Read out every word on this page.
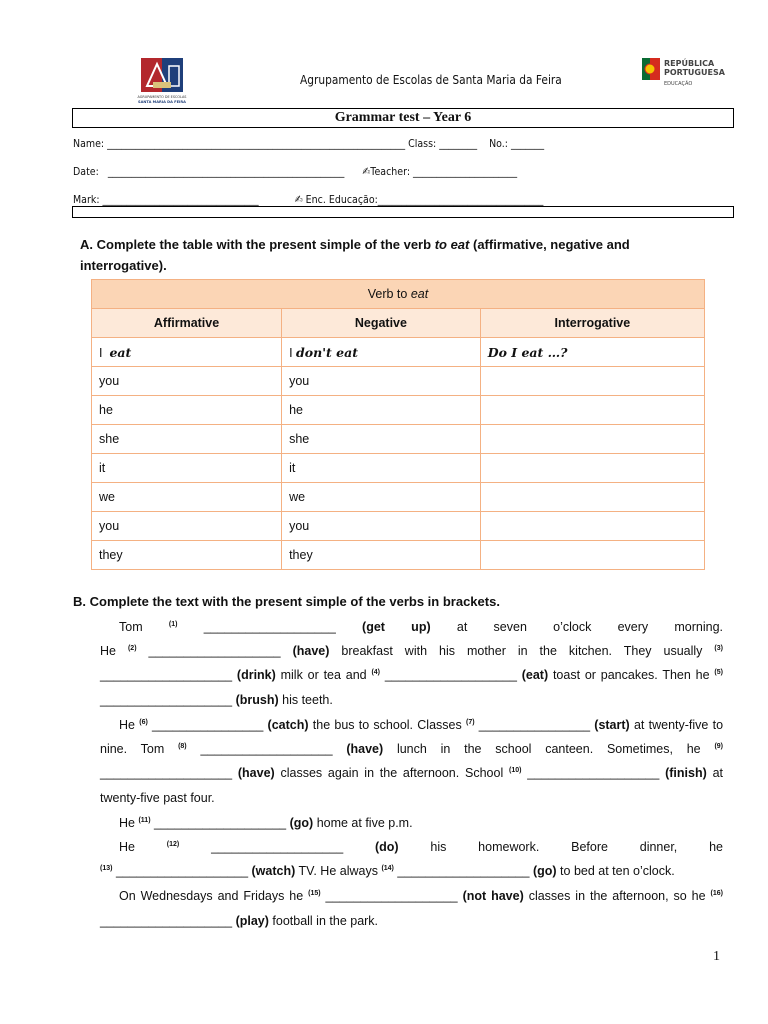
AGRUPAMENTO DE ESCOLAS
SANTA MARIA DA FEIRA
Agrupamento de Escolas de Santa Maria da Feira
REPÚBLICA
PORTUGUESA
EDUCAÇÃO
Grammar test – Year 6
Name: _______________________________________________________________ Class: ________ No.: _______
Date: __________________________________________________ ✍Teacher: ______________________
Mark: _________________________________	✍ Enc. Educação:___________________________________
A. Complete the table with the present simple of the verb to eat (affirmative, negative and interrogative).
Verb to eat		
Affirmative	Negative	Interrogative
I eat	I don't eat	Do I eat …?
you	you	
he	he	
she	she	
it	it	
we	we	
you	you	
they	they	
B. Complete the text with the present simple of the verbs in brackets.
Tom	$^{(1)}$ ___________________ (get up) at seven o’clock every morning.
He $^{(2)}$ ___________________ (have) breakfast with his mother in the kitchen. They usually $^{(3)}$
___________________ (drink) milk or tea and $^{(4)}$ ___________________ (eat) toast or pancakes. Then he $^{(5)}$
___________________ (brush) his teeth.
He $^{(6)}$ ________________ (catch) the bus to school. Classes $^{(7)}$ ________________ (start) at twenty-five to
nine. Tom $^{(8)}$ ___________________ (have) lunch in the school canteen. Sometimes, he $^{(9)}$
___________________ (have) classes again in the afternoon. School $^{(10)}$ ___________________ (finish) at
twenty-five past four.
He $^{(11)}$ ___________________ (go) home at five p.m.
He	$^{(12)}$	___________________	(do)	his homework. Before dinner, he
$^{(13)}$ ___________________ (watch) TV. He always $^{(14)}$ ___________________ (go) to bed at ten o’clock.
On Wednesdays and Fridays he $^{(15)}$ ___________________ (not have) classes in the afternoon, so he $^{(16)}$
___________________ (play) football in the park.
1
